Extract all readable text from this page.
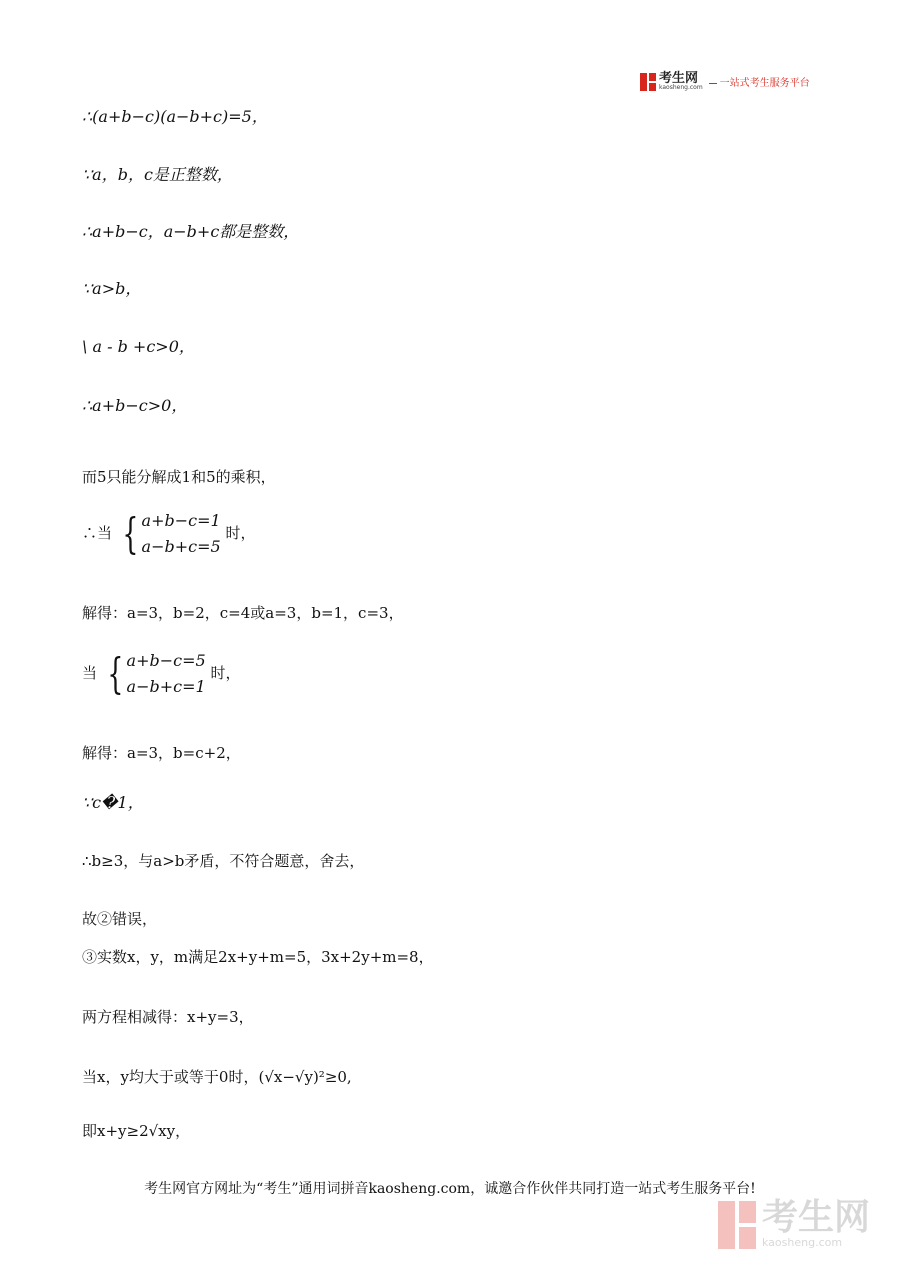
考生网
kaosheng.com	一站式考生服务平台
∴(a+b−c)(a−b+c)=5，
∵a，b，c是正整数，
∴a+b−c，a−b+c都是整数，
∵a>b，
\ a - b +c>0，
∴a+b−c>0，
而5只能分解成1和5的乘积，
∴当 { a+b−c=1
a−b+c=5
时，
解得：a=3，b=2，c=4或a=3，b=1，c=3，
当 { a+b−c=5
a−b+c=1
时，
解得：a=3，b=c+2，
∵c�1，
∴b≥3，与a>b矛盾，不符合题意，舍去，
故②错误，
③实数x，y，m满足2x+y+m=5，3x+2y+m=8，
两方程相减得：x+y=3，
当x，y均大于或等于0时，(√x−√y)²≥0,
即x+y≥2√xy，
考生网官方网址为“考生”通用词拼音kaosheng.com，诚邀合作伙伴共同打造一站式考生服务平台!
考生网
kaosheng.com
